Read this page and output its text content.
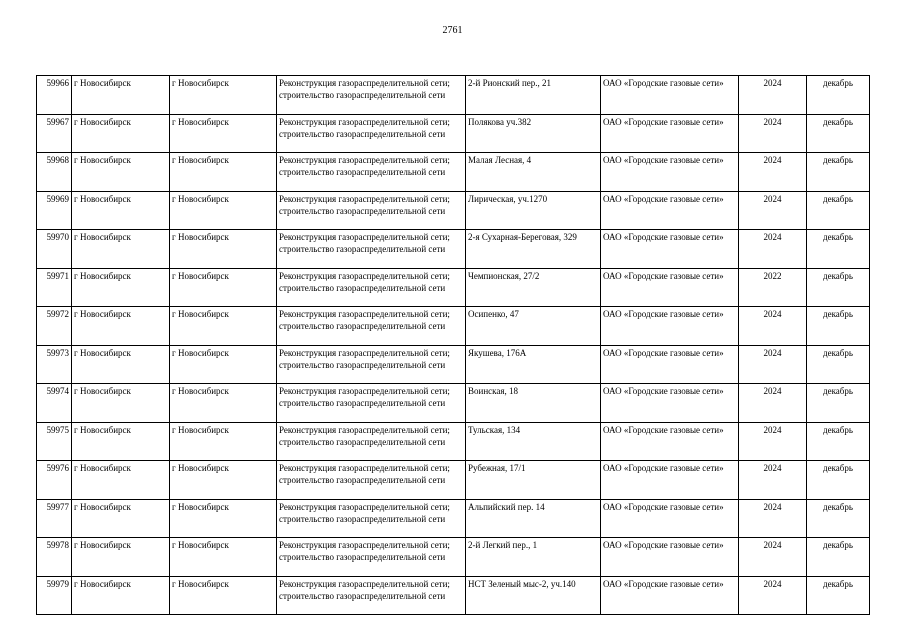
2761
59966	г Новосибирск	г Новосибирск	Реконструкция газораспределительной сети;
строительство газораспределительной сети	2-й Рионский пер., 21	ОАО «Городские газовые сети»	2024	декабрь
59967	г Новосибирск	г Новосибирск	Реконструкция газораспределительной сети;
строительство газораспределительной сети	Полякова уч.382	ОАО «Городские газовые сети»	2024	декабрь
59968	г Новосибирск	г Новосибирск	Реконструкция газораспределительной сети;
строительство газораспределительной сети	Малая Лесная, 4	ОАО «Городские газовые сети»	2024	декабрь
59969	г Новосибирск	г Новосибирск	Реконструкция газораспределительной сети;
строительство газораспределительной сети	Лирическая, уч.1270	ОАО «Городские газовые сети»	2024	декабрь
59970	г Новосибирск	г Новосибирск	Реконструкция газораспределительной сети;
строительство газораспределительной сети	2-я Сухарная-Береговая, 329	ОАО «Городские газовые сети»	2024	декабрь
59971	г Новосибирск	г Новосибирск	Реконструкция газораспределительной сети;
строительство газораспределительной сети	Чемпионская, 27/2	ОАО «Городские газовые сети»	2022	декабрь
59972	г Новосибирск	г Новосибирск	Реконструкция газораспределительной сети;
строительство газораспределительной сети	Осипенко, 47	ОАО «Городские газовые сети»	2024	декабрь
59973	г Новосибирск	г Новосибирск	Реконструкция газораспределительной сети;
строительство газораспределительной сети	Якушева, 176А	ОАО «Городские газовые сети»	2024	декабрь
59974	г Новосибирск	г Новосибирск	Реконструкция газораспределительной сети;
строительство газораспределительной сети	Воинская, 18	ОАО «Городские газовые сети»	2024	декабрь
59975	г Новосибирск	г Новосибирск	Реконструкция газораспределительной сети;
строительство газораспределительной сети	Тульская, 134	ОАО «Городские газовые сети»	2024	декабрь
59976	г Новосибирск	г Новосибирск	Реконструкция газораспределительной сети;
строительство газораспределительной сети	Рубежная, 17/1	ОАО «Городские газовые сети»	2024	декабрь
59977	г Новосибирск	г Новосибирск	Реконструкция газораспределительной сети;
строительство газораспределительной сети	Альпийский пер. 14	ОАО «Городские газовые сети»	2024	декабрь
59978	г Новосибирск	г Новосибирск	Реконструкция газораспределительной сети;
строительство газораспределительной сети	2-й Легкий пер., 1	ОАО «Городские газовые сети»	2024	декабрь
59979	г Новосибирск	г Новосибирск	Реконструкция газораспределительной сети;
строительство газораспределительной сети	НСТ Зеленый мыс-2, уч.140	ОАО «Городские газовые сети»	2024	декабрь
